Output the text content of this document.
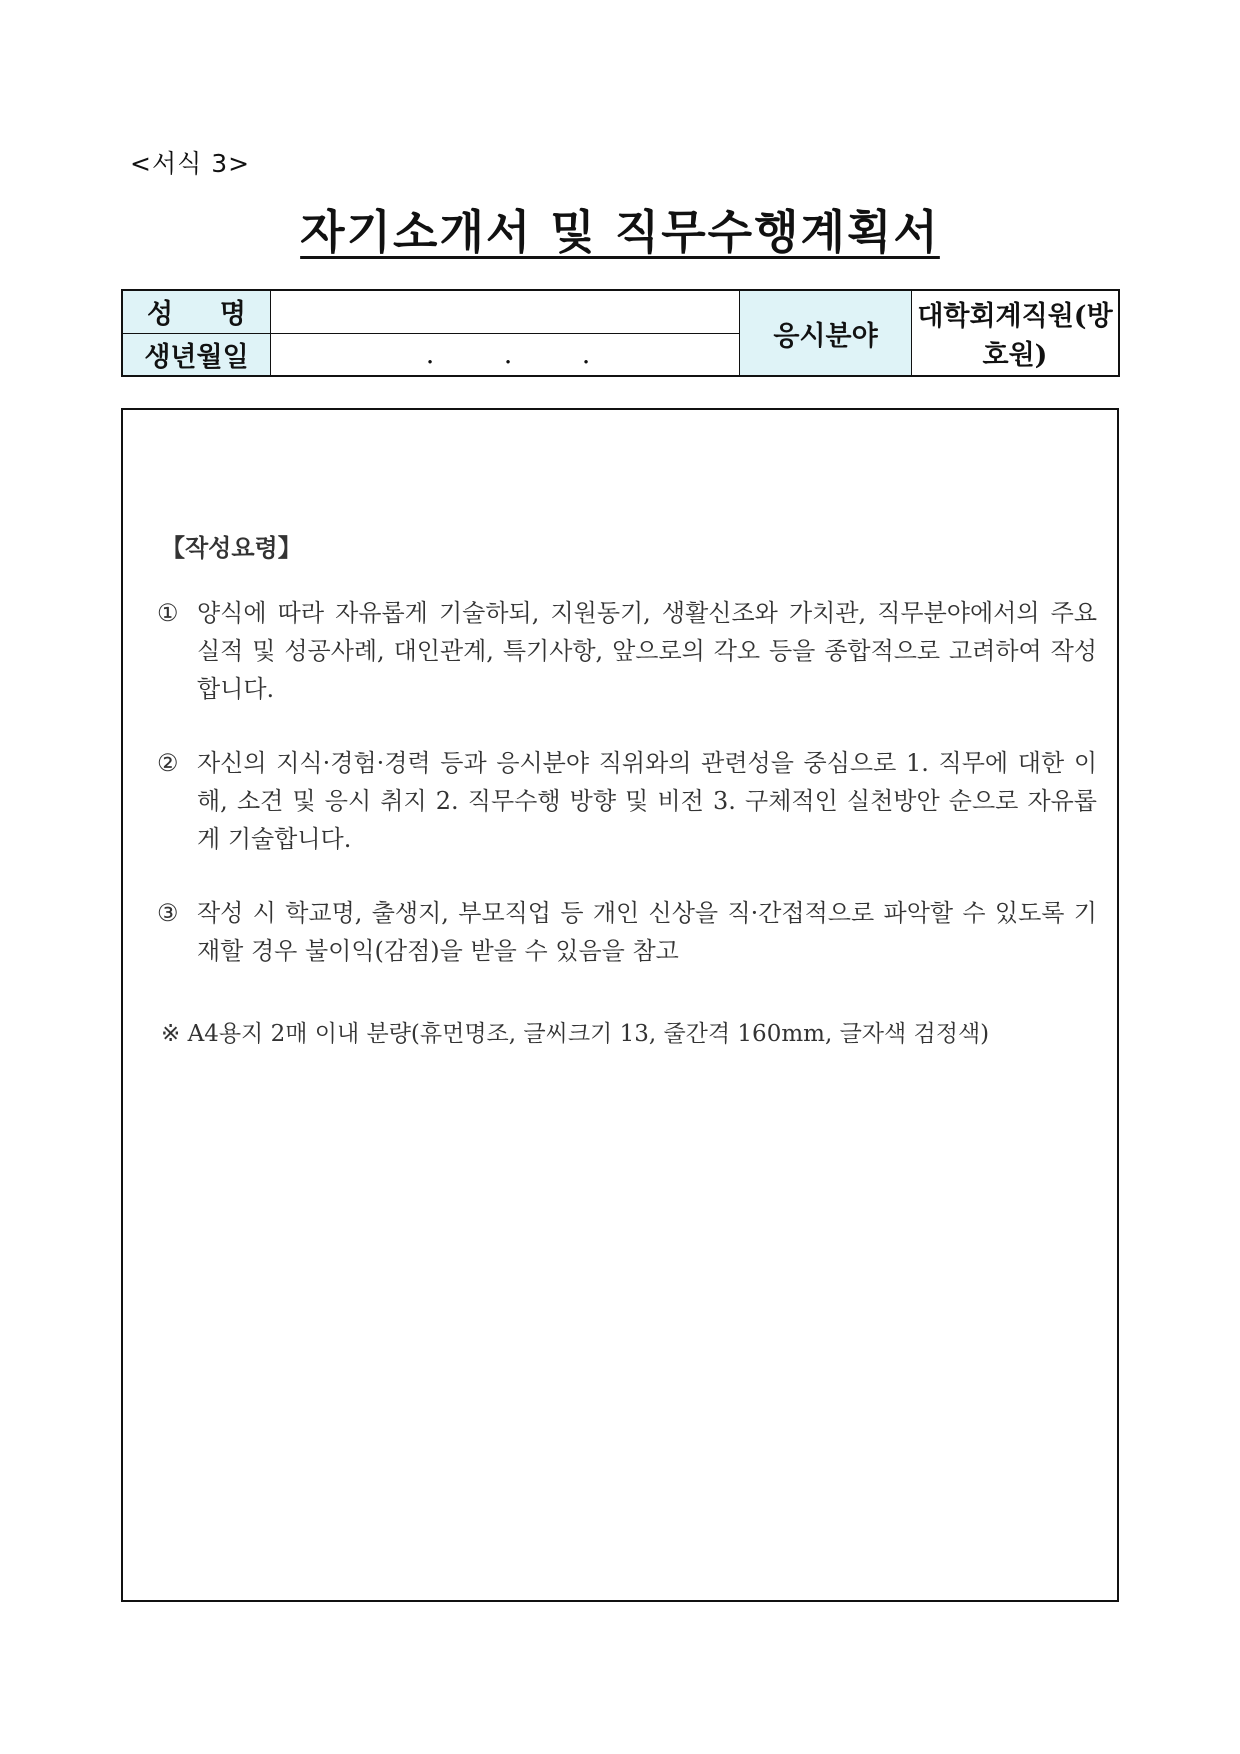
<서식 3>
자기소개서 및 직무수행계획서
성 명		응시분야	대학회계직원(방호원)
생년월일	. . .		
【작성요령】
① 양식에 따라 자유롭게 기술하되, 지원동기, 생활신조와 가치관, 직무분야에서의 주요 실적 및 성공사례, 대인관계, 특기사항, 앞으로의 각오 등을 종합적으로 고려하여 작성합니다.
② 자신의 지식·경험·경력 등과 응시분야 직위와의 관련성을 중심으로 1. 직무에 대한 이해, 소견 및 응시 취지 2. 직무수행 방향 및 비전 3. 구체적인 실천방안 순으로 자유롭게 기술합니다.
③ 작성 시 학교명, 출생지, 부모직업 등 개인 신상을 직·간접적으로 파악할 수 있도록 기재할 경우 불이익(감점)을 받을 수 있음을 참고
※ A4용지 2매 이내 분량(휴먼명조, 글씨크기 13, 줄간격 160mm, 글자색 검정색)
